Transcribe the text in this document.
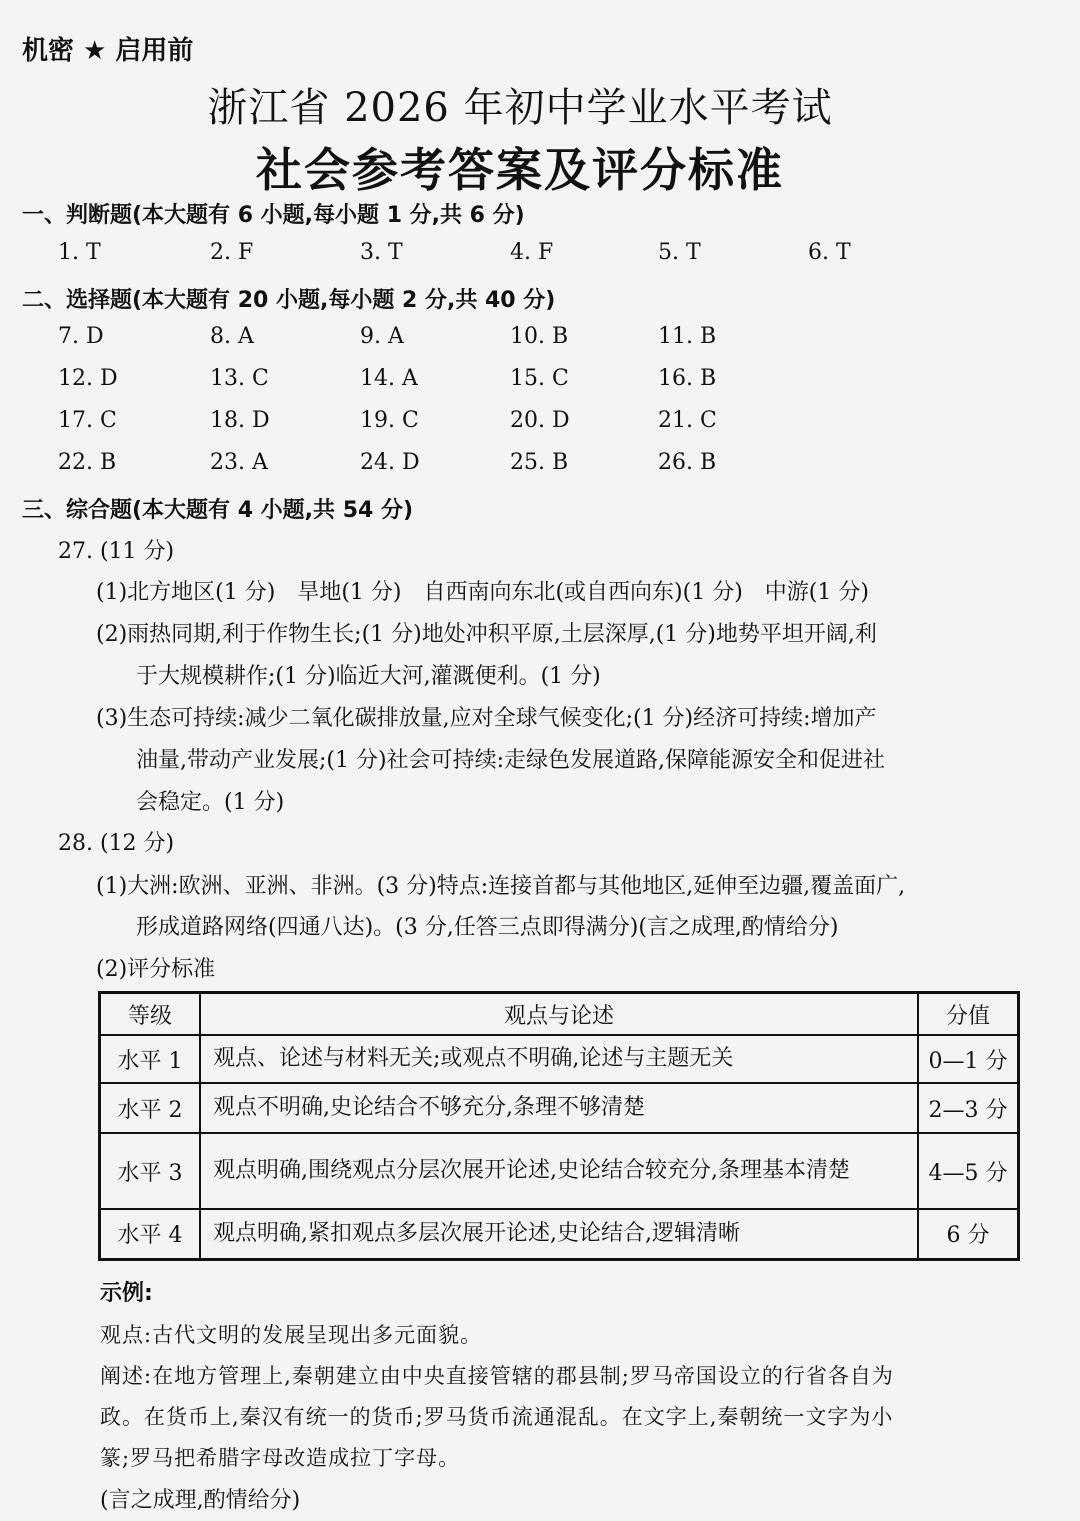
机密 ★ 启用前
浙江省 2026 年初中学业水平考试
社会参考答案及评分标准
一、判断题(本大题有 6 小题,每小题 1 分,共 6 分)
1. T	2. F	3. T	4. F	5. T	6. T
二、选择题(本大题有 20 小题,每小题 2 分,共 40 分)
7. D	8. A	9. A	10. B	11. B
12. D	13. C	14. A	15. C	16. B
17. C	18. D	19. C	20. D	21. C
22. B	23. A	24. D	25. B	26. B
三、综合题(本大题有 4 小题,共 54 分)
27. (11 分)
(1)北方地区(1 分)　旱地(1 分)　自西南向东北(或自西向东)(1 分)　中游(1 分)
(2)雨热同期,利于作物生长;(1 分)地处冲积平原,土层深厚,(1 分)地势平坦开阔,利
于大规模耕作;(1 分)临近大河,灌溉便利。(1 分)
(3)生态可持续:减少二氧化碳排放量,应对全球气候变化;(1 分)经济可持续:增加产
油量,带动产业发展;(1 分)社会可持续:走绿色发展道路,保障能源安全和促进社
会稳定。(1 分)
28. (12 分)
(1)大洲:欧洲、亚洲、非洲。(3 分)特点:连接首都与其他地区,延伸至边疆,覆盖面广,
形成道路网络(四通八达)。(3 分,任答三点即得满分)(言之成理,酌情给分)
(2)评分标准
等级	观点与论述	分值
水平 1	观点、论述与材料无关;或观点不明确,论述与主题无关	0—1 分
水平 2	观点不明确,史论结合不够充分,条理不够清楚	2—3 分
水平 3	观点明确,围绕观点分层次展开论述,史论结合较充分,条理基本清楚	4—5 分
水平 4	观点明确,紧扣观点多层次展开论述,史论结合,逻辑清晰	6 分
示例:
观点:古代文明的发展呈现出多元面貌。
阐述:在地方管理上,秦朝建立由中央直接管辖的郡县制;罗马帝国设立的行省各自为
政。在货币上,秦汉有统一的货币;罗马货币流通混乱。在文字上,秦朝统一文字为小
篆;罗马把希腊字母改造成拉丁字母。
(言之成理,酌情给分)
